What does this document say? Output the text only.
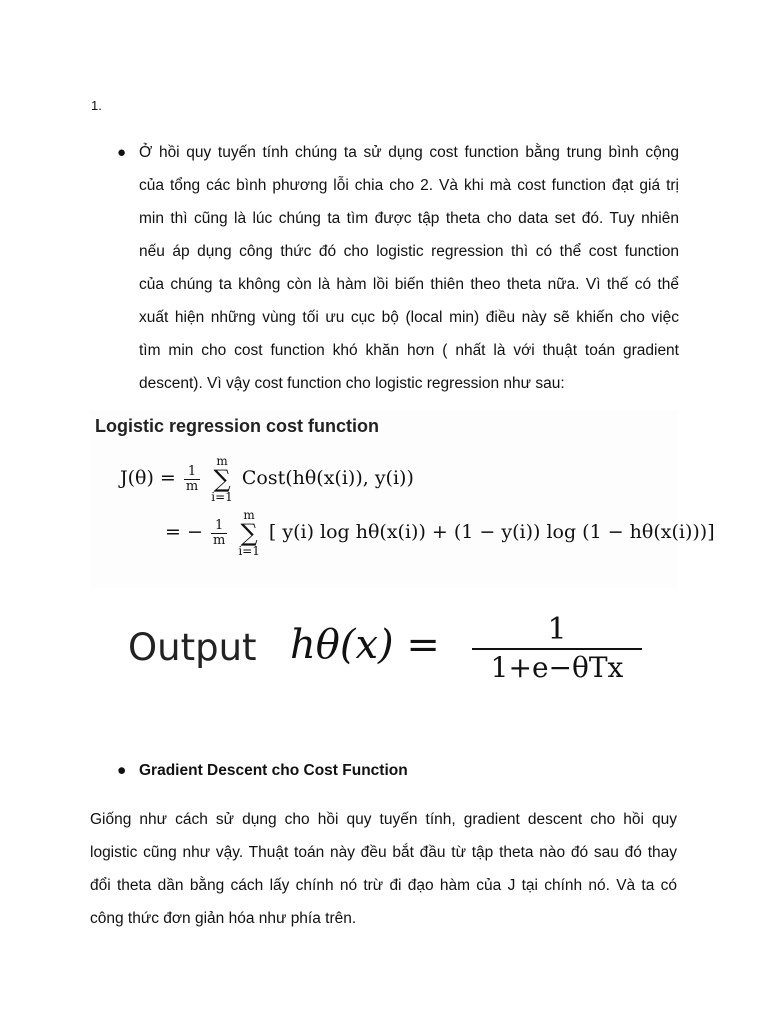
1.
● Ở hồi quy tuyến tính chúng ta sử dụng cost function bằng trung bình cộng
của tổng các bình phương lỗi chia cho 2. Và khi mà cost function đạt giá trị
min thì cũng là lúc chúng ta tìm được tập theta cho data set đó. Tuy nhiên
nếu áp dụng công thức đó cho logistic regression thì có thể cost function
của chúng ta không còn là hàm lồi biến thiên theo theta nữa. Vì thế có thể
xuất hiện những vùng tối ưu cục bộ (local min) điều này sẽ khiến cho việc
tìm min cho cost function khó khăn hơn ( nhất là với thuật toán gradient
descent). Vì vậy cost function cho logistic regression như sau:
Logistic regression cost function
$J(\theta) = \frac{1}{m}$

m
∑
i=1
Cost(hθ(x(i)), y(i))
= − $\frac{1}{m}$

m
∑
i=1
[ y(i) log hθ(x(i)) + (1 − y(i)) log (1 − hθ(x(i)))]
Output hθ(x) =	1
1+e−θTx
● Gradient Descent cho Cost Function
Giống như cách sử dụng cho hồi quy tuyến tính, gradient descent cho hồi quy
logistic cũng như vậy. Thuật toán này đều bắt đầu từ tập theta nào đó sau đó thay
đổi theta dần bằng cách lấy chính nó trừ đi đạo hàm của J tại chính nó. Và ta có
công thức đơn giản hóa như phía trên.
